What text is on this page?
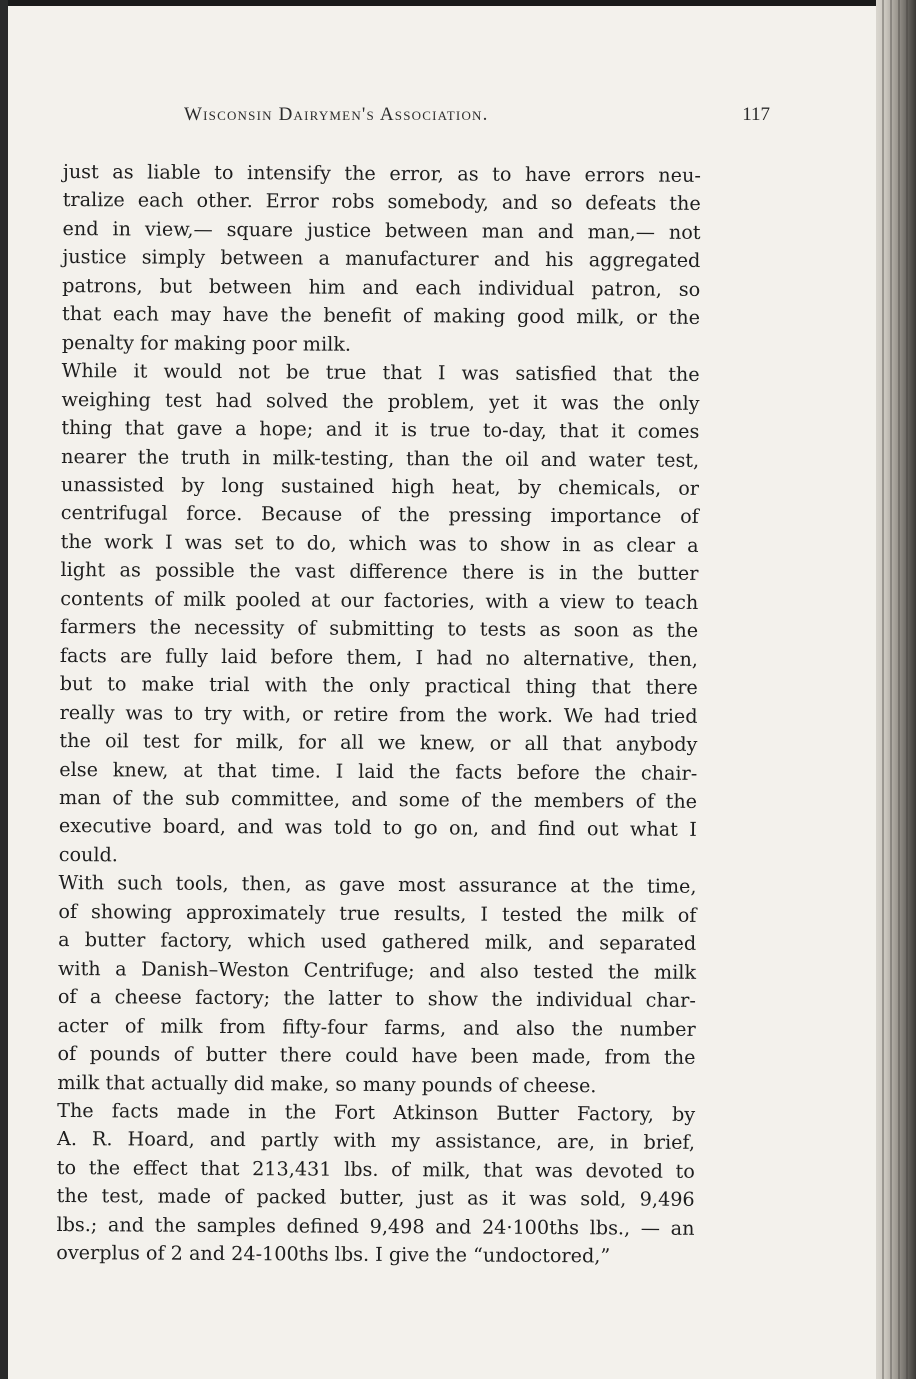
Wisconsin Dairymen's Association.	117
just as liable to intensify the error, as to have errors neu-
tralize each other. Error robs somebody, and so defeats the
end in view,— square justice between man and man,— not
justice simply between a manufacturer and his aggregated
patrons, but between him and each individual patron, so
that each may have the benefit of making good milk, or the
penalty for making poor milk.
While it would not be true that I was satisfied that the
weighing test had solved the problem, yet it was the only
thing that gave a hope; and it is true to-day, that it comes
nearer the truth in milk-testing, than the oil and water test,
unassisted by long sustained high heat, by chemicals, or
centrifugal force. Because of the pressing importance of
the work I was set to do, which was to show in as clear a
light as possible the vast difference there is in the butter
contents of milk pooled at our factories, with a view to teach
farmers the necessity of submitting to tests as soon as the
facts are fully laid before them, I had no alternative, then,
but to make trial with the only practical thing that there
really was to try with, or retire from the work. We had tried
the oil test for milk, for all we knew, or all that anybody
else knew, at that time. I laid the facts before the chair-
man of the sub committee, and some of the members of the
executive board, and was told to go on, and find out what I
could.
With such tools, then, as gave most assurance at the time,
of showing approximately true results, I tested the milk of
a butter factory, which used gathered milk, and separated
with a Danish–Weston Centrifuge; and also tested the milk
of a cheese factory; the latter to show the individual char-
acter of milk from fifty-four farms, and also the number
of pounds of butter there could have been made, from the
milk that actually did make, so many pounds of cheese.
The facts made in the Fort Atkinson Butter Factory, by
A. R. Hoard, and partly with my assistance, are, in brief,
to the effect that 213,431 lbs. of milk, that was devoted to
the test, made of packed butter, just as it was sold, 9,496
lbs.; and the samples defined 9,498 and 24·100ths lbs., — an
overplus of 2 and 24-100ths lbs. I give the “undoctored,”
